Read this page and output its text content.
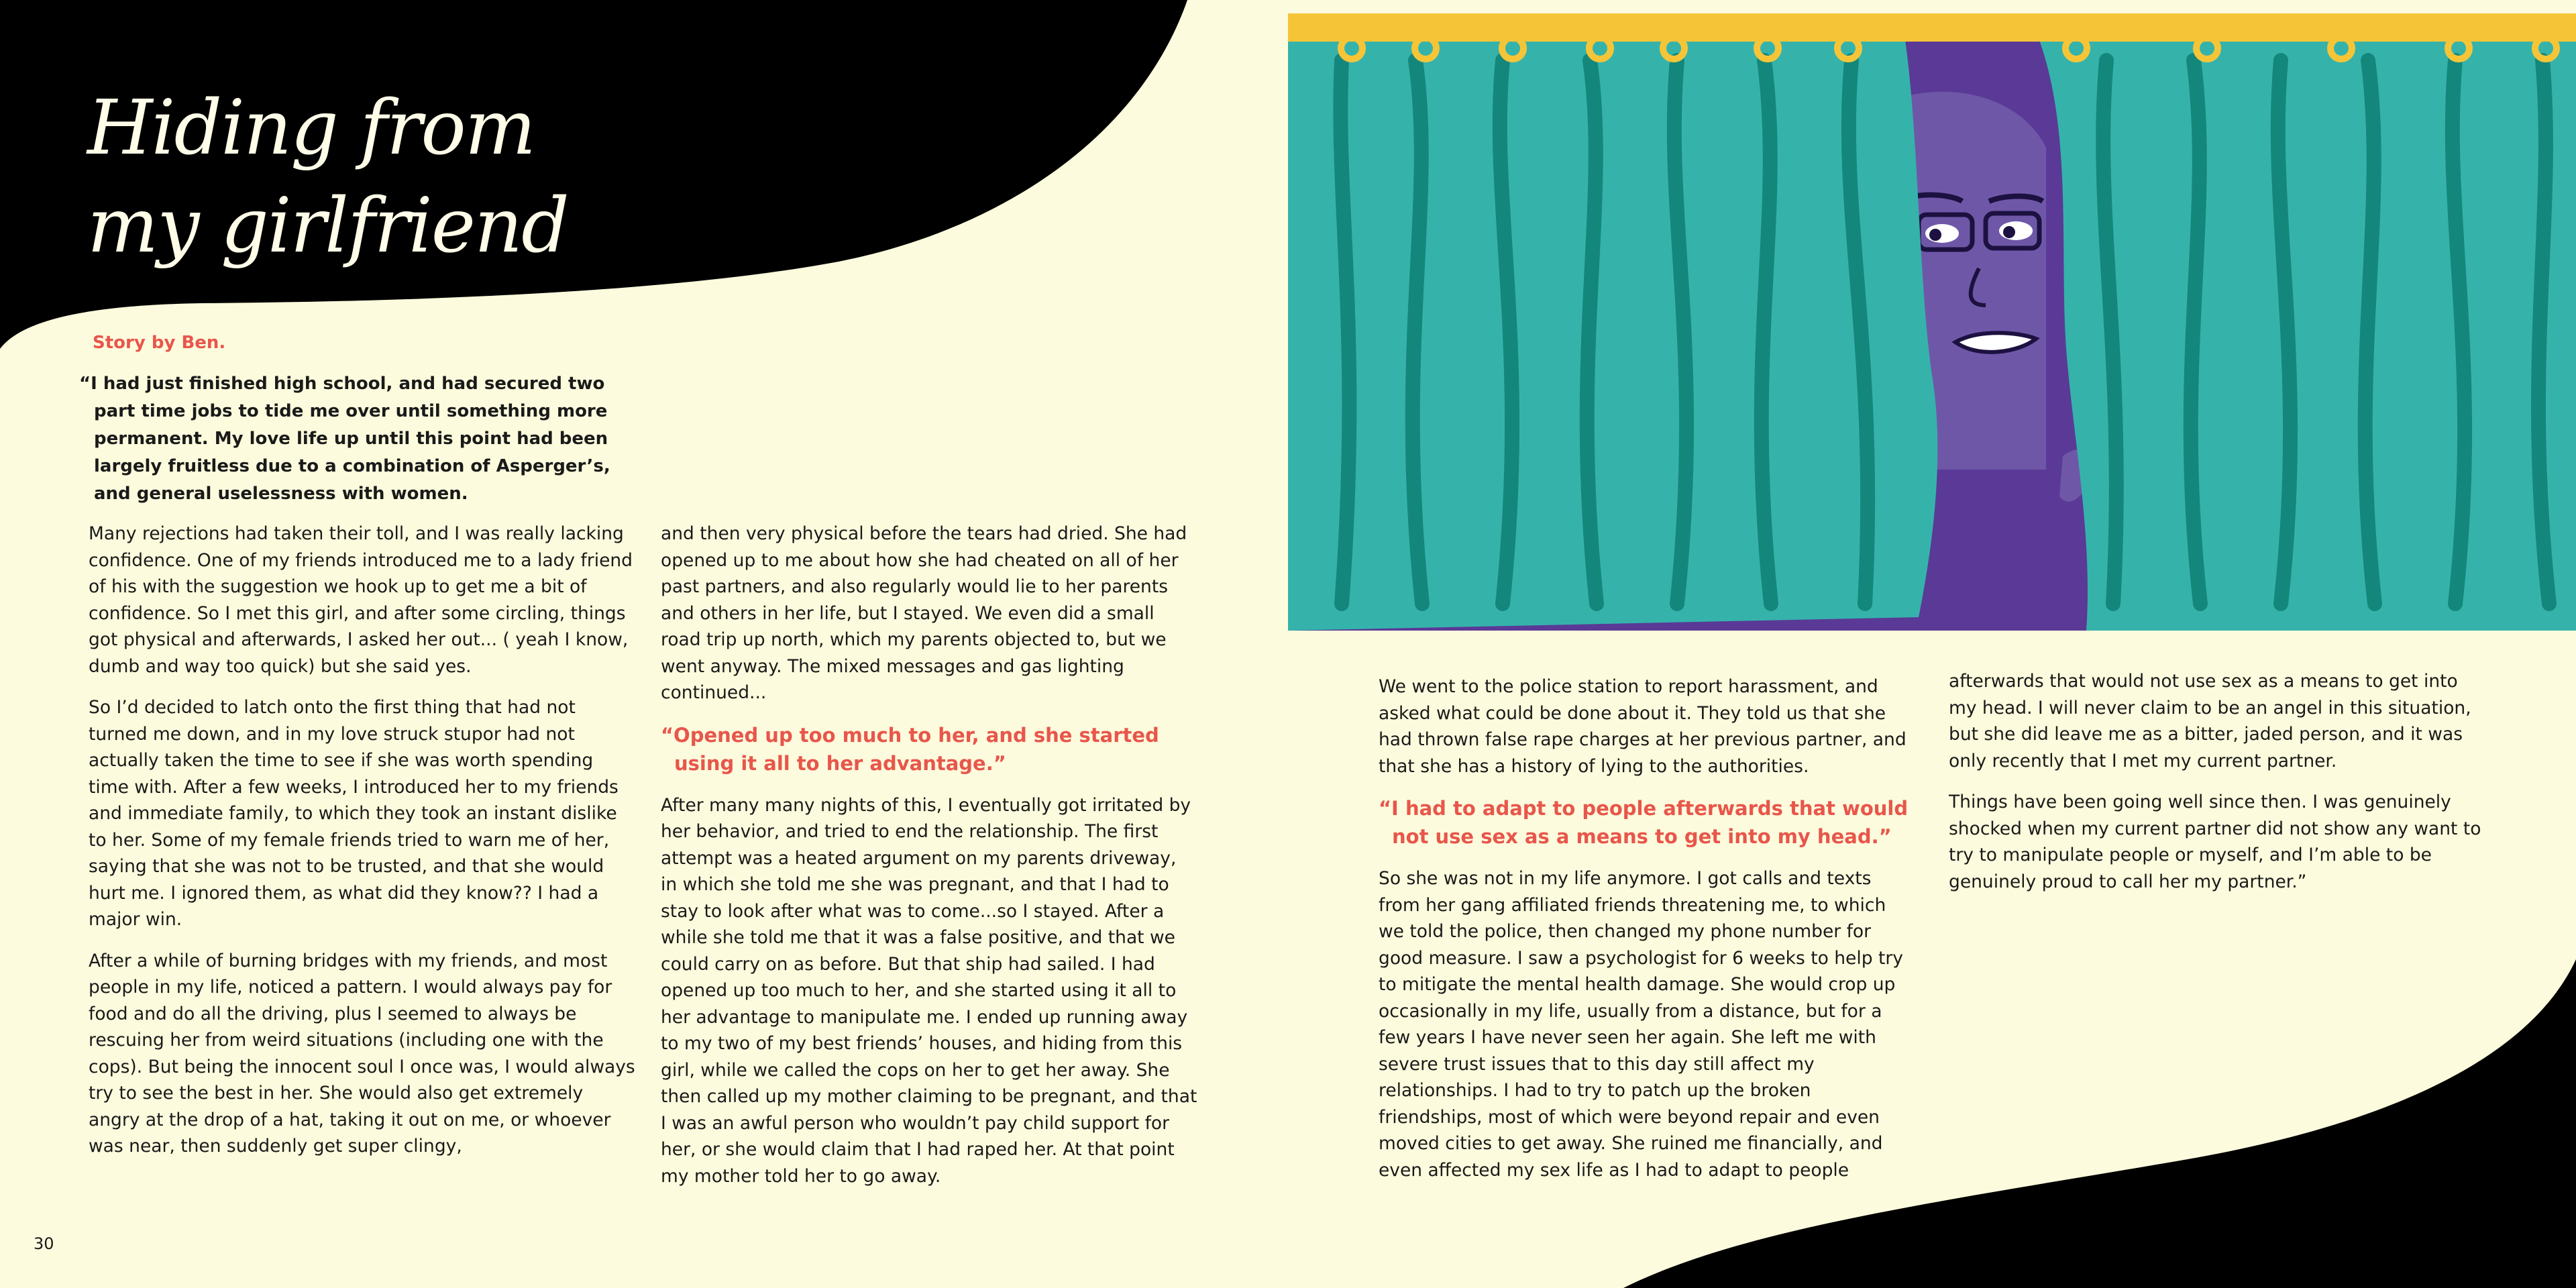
Hiding from
my girlfriend
Story by Ben.

“I had just finished high school, and had secured two part time jobs to tide me over until something more permanent. My love life up until this point had been largely fruitless due to a combination of Asperger’s, and general uselessness with women.

Many rejections had taken their toll, and I was really lacking confidence. One of my friends introduced me to a lady friend of his with the suggestion we hook up to get me a bit of confidence. So I met this girl, and after some circling, things got physical and afterwards, I asked her out... ( yeah I know, dumb and way too quick) but she said yes.

So I’d decided to latch onto the first thing that had not turned me down, and in my love struck stupor had not actually taken the time to see if she was worth spending time with. After a few weeks, I introduced her to my friends and immediate family, to which they took an instant dislike to her. Some of my female friends tried to warn me of her, saying that she was not to be trusted, and that she would hurt me. I ignored them, as what did they know?? I had a major win.

After a while of burning bridges with my friends, and most people in my life, noticed a pattern. I would always pay for food and do all the driving, plus I seemed to always be rescuing her from weird situations (including one with the cops). But being the innocent soul I once was, I would always try to see the best in her. She would also get extremely angry at the drop of a hat, taking it out on me, or whoever was near, then suddenly get super clingy,

and then very physical before the tears had dried. She had opened up to me about how she had cheated on all of her past partners, and also regularly would lie to her parents and others in her life, but I stayed. We even did a small road trip up north, which my parents objected to, but we went anyway. The mixed messages and gas lighting continued...

“Opened up too much to her, and she started using it all to her advantage.”

After many many nights of this, I eventually got irritated by her behavior, and tried to end the relationship. The first attempt was a heated argument on my parents driveway, in which she told me she was pregnant, and that I had to stay to look after what was to come...so I stayed. After a while she told me that it was a false positive, and that we could carry on as before. But that ship had sailed. I had opened up too much to her, and she started using it all to her advantage to manipulate me. I ended up running away to my two of my best friends’ houses, and hiding from this girl, while we called the cops on her to get her away. She then called up my mother claiming to be pregnant, and that I was an awful person who wouldn’t pay child support for her, or she would claim that I had raped her. At that point my mother told her to go away.

We went to the police station to report harassment, and asked what could be done about it. They told us that she had thrown false rape charges at her previous partner, and that she has a history of lying to the authorities.

“I had to adapt to people afterwards that would not use sex as a means to get into my head.”

So she was not in my life anymore. I got calls and texts from her gang affiliated friends threatening me, to which we told the police, then changed my phone number for good measure. I saw a psychologist for 6 weeks to help try to mitigate the mental health damage. She would crop up occasionally in my life, usually from a distance, but for a few years I have never seen her again. She left me with severe trust issues that to this day still affect my relationships. I had to try to patch up the broken friendships, most of which were beyond repair and even moved cities to get away. She ruined me financially, and even affected my sex life as I had to adapt to people

afterwards that would not use sex as a means to get into my head. I will never claim to be an angel in this situation, but she did leave me as a bitter, jaded person, and it was only recently that I met my current partner.

Things have been going well since then. I was genuinely shocked when my current partner did not show any want to try to manipulate people or myself, and I’m able to be genuinely proud to call her my partner.”

30
